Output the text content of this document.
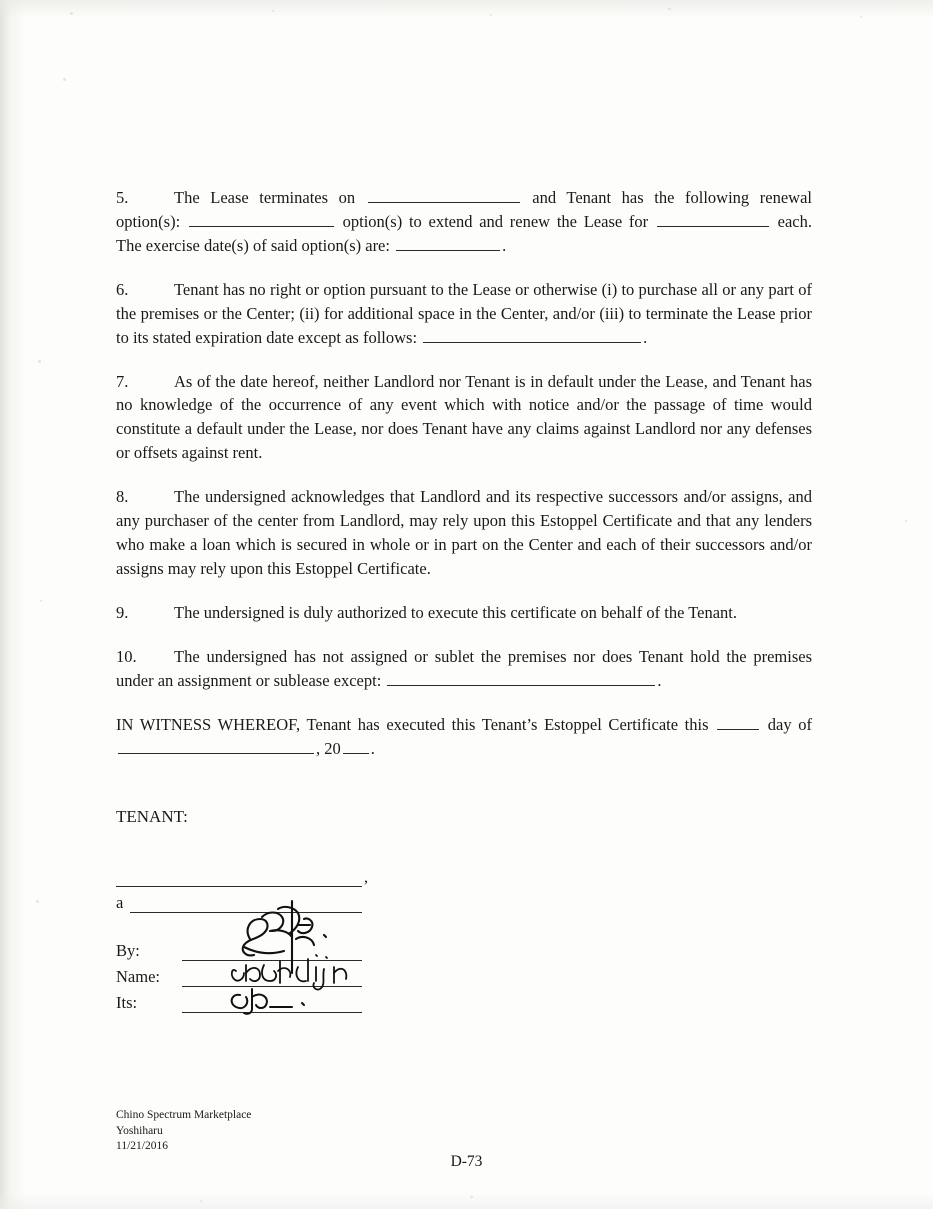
5.	The Lease terminates on	and Tenant has the following renewal option(s):	option(s) to extend and renew the Lease for	each. The exercise date(s) of said option(s) are:	.

6.	Tenant has no right or option pursuant to the Lease or otherwise (i) to purchase all or any part of the premises or the Center; (ii) for additional space in the Center, and/or (iii) to terminate the Lease prior to its stated expiration date except as follows:	.

7.	As of the date hereof, neither Landlord nor Tenant is in default under the Lease, and Tenant has no knowledge of the occurrence of any event which with notice and/or the passage of time would constitute a default under the Lease, nor does Tenant have any claims against Landlord nor any defenses or offsets against rent.

8.	The undersigned acknowledges that Landlord and its respective successors and/or assigns, and any purchaser of the center from Landlord, may rely upon this Estoppel Certificate and that any lenders who make a loan which is secured in whole or in part on the Center and each of their successors and/or assigns may rely upon this Estoppel Certificate.

9.	The undersigned is duly authorized to execute this certificate on behalf of the Tenant.

10. The undersigned has not assigned or sublet the premises nor does Tenant hold the premises under an assignment or sublease except:	.

IN WITNESS WHEREOF, Tenant has executed this Tenant’s Estoppel Certificate this	day of , 20 .

TENANT:
,
a
By:
Name:
Its:
Chino Spectrum Marketplace
Yoshiharu
11/21/2016
D-73
